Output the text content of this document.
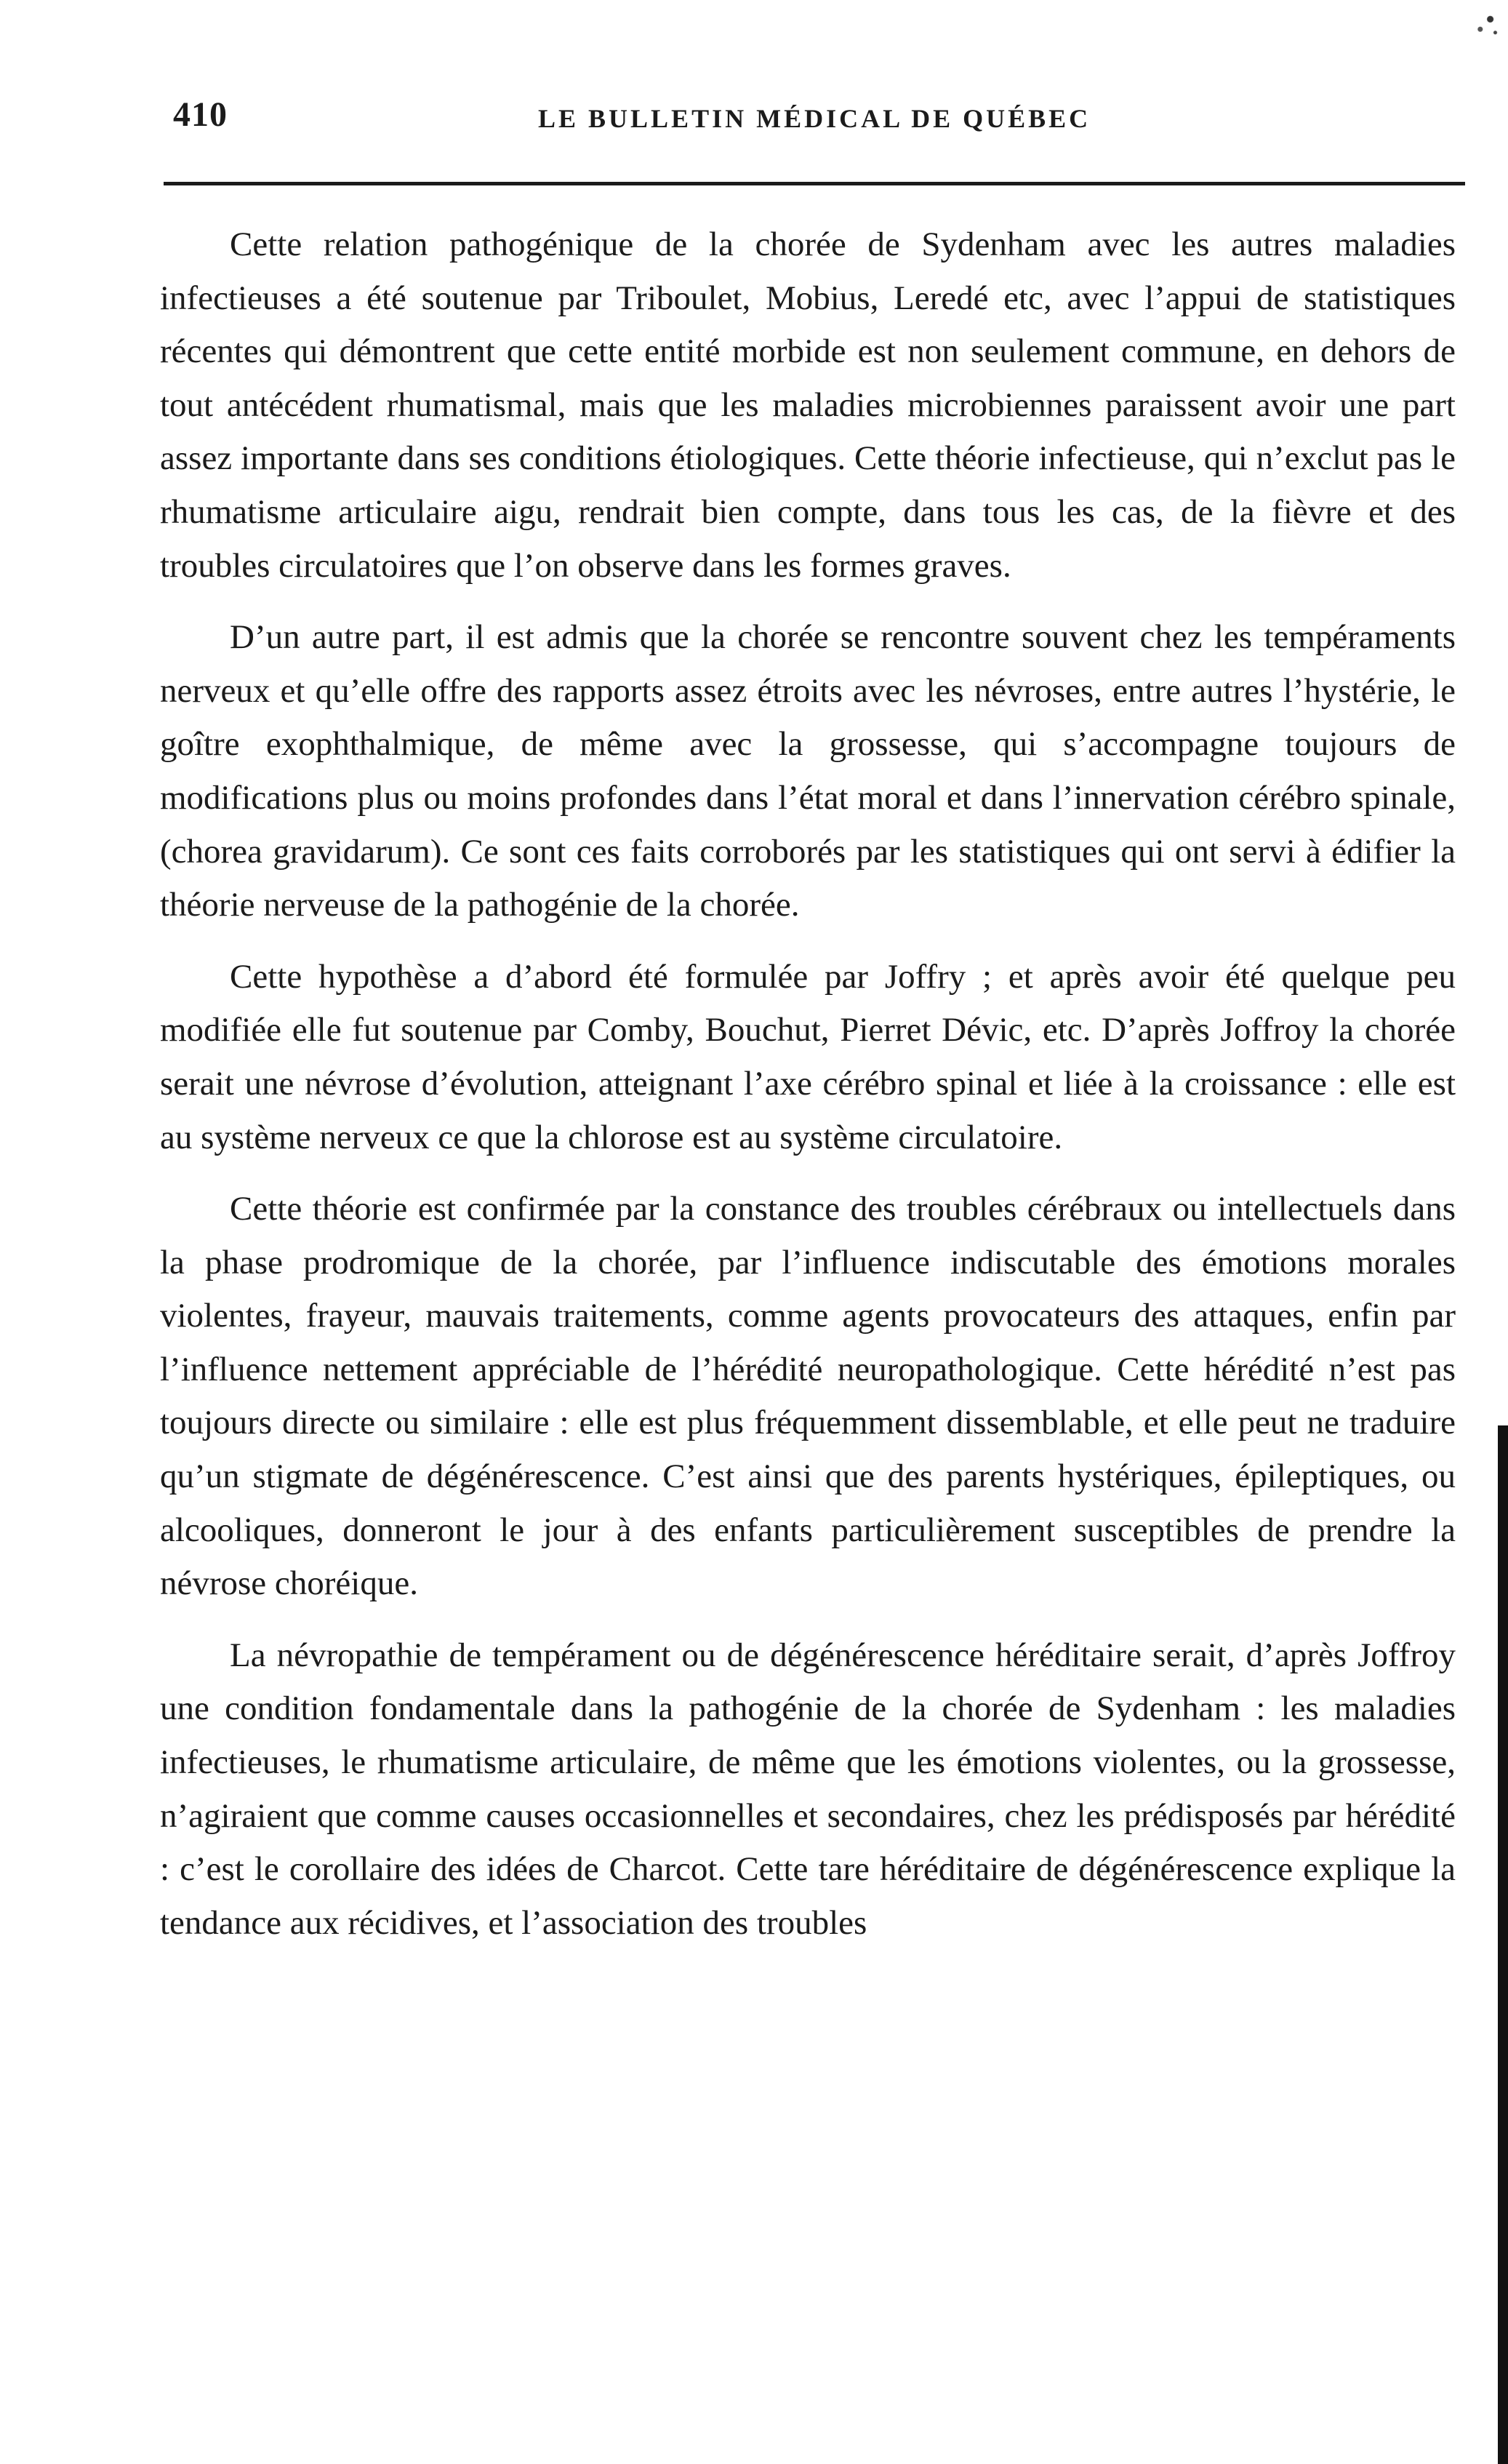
410	LE BULLETIN MÉDICAL DE QUÉBEC

Cette relation pathogénique de la chorée de Sydenham avec les autres maladies infectieuses a été soutenue par Triboulet, Mobius, Leredé etc, avec l’appui de statistiques récentes qui démontrent que cette entité morbide est non seulement commune, en dehors de tout antécédent rhumatismal, mais que les maladies microbiennes paraissent avoir une part assez importante dans ses conditions étiologiques. Cette théorie infectieuse, qui n’exclut pas le rhumatisme articulaire aigu, rendrait bien compte, dans tous les cas, de la fièvre et des troubles circulatoires que l’on observe dans les formes graves.

D’un autre part, il est admis que la chorée se rencontre souvent chez les tempéraments nerveux et qu’elle offre des rapports assez étroits avec les névroses, entre autres l’hystérie, le goître exophthalmique, de même avec la grossesse, qui s’accompagne toujours de modifications plus ou moins profondes dans l’état moral et dans l’innervation cérébro spinale, (chorea gravidarum). Ce sont ces faits corroborés par les statistiques qui ont servi à édifier la théorie nerveuse de la pathogénie de la chorée.

Cette hypothèse a d’abord été formulée par Joffry ; et après avoir été quelque peu modifiée elle fut soutenue par Comby, Bouchut, Pierret Dévic, etc. D’après Joffroy la chorée serait une névrose d’évolution, atteignant l’axe cérébro spinal et liée à la croissance : elle est au système nerveux ce que la chlorose est au système circulatoire.

Cette théorie est confirmée par la constance des troubles cérébraux ou intellectuels dans la phase prodromique de la chorée, par l’influence indiscutable des émotions morales violentes, frayeur, mauvais traitements, comme agents provocateurs des attaques, enfin par l’influence nettement appréciable de l’hérédité neuropathologique. Cette hérédité n’est pas toujours directe ou similaire : elle est plus fréquemment dissemblable, et elle peut ne traduire qu’un stigmate de dégénérescence. C’est ainsi que des parents hystériques, épileptiques, ou alcooliques, donneront le jour à des enfants particulièrement susceptibles de prendre la névrose choréique.

La névropathie de tempérament ou de dégénérescence héréditaire serait, d’après Joffroy une condition fondamentale dans la pathogénie de la chorée de Sydenham : les maladies infectieuses, le rhumatisme articulaire, de même que les émotions violentes, ou la grossesse, n’agiraient que comme causes occasionnelles et secondaires, chez les prédisposés par hérédité : c’est le corollaire des idées de Charcot. Cette tare héréditaire de dégénérescence explique la tendance aux récidives, et l’association des troubles
